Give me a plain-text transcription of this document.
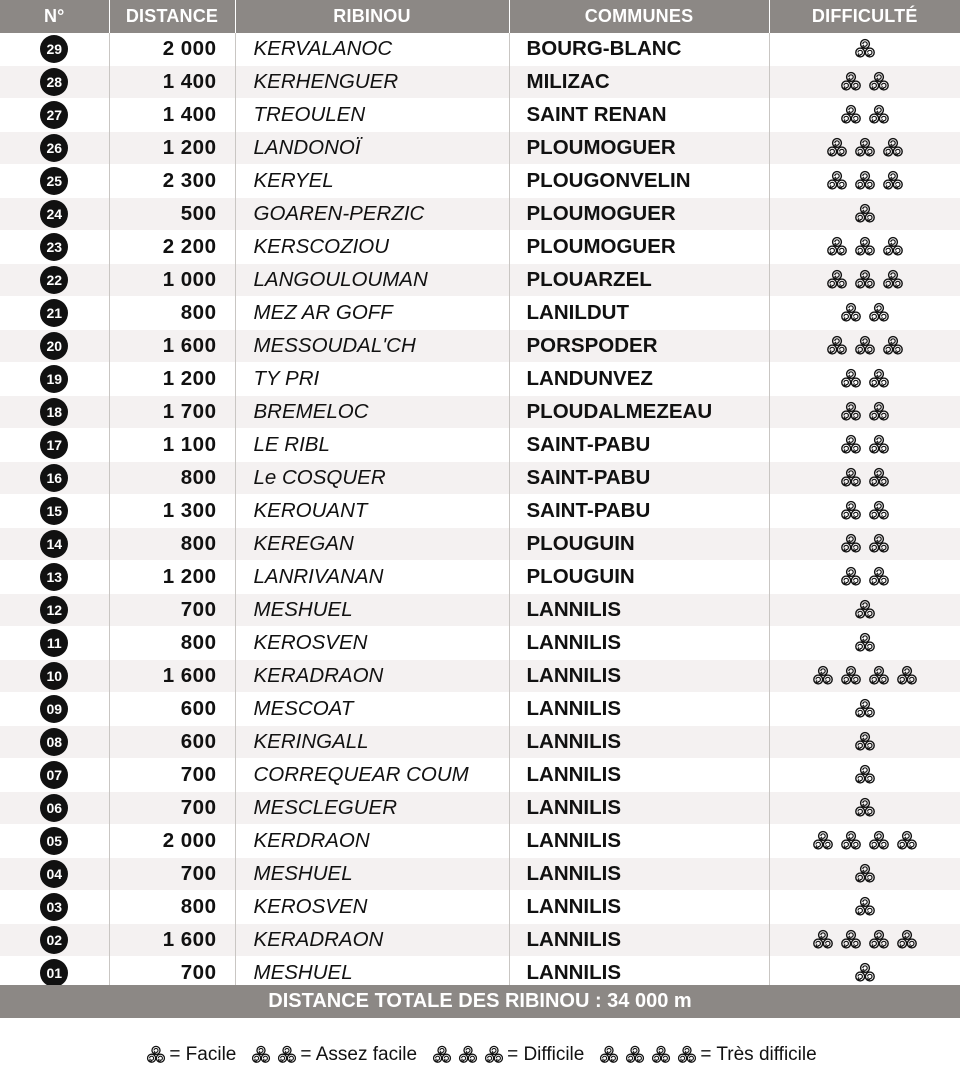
N°	DISTANCE	RIBINOU	COMMUNES	DIFFICULTÉ
29	2 000	KERVALANOC	BOURG-BLANC	
28	1 400	KERHENGUER	MILIZAC	
27	1 400	TREOULEN	SAINT RENAN	
26	1 200	LANDONOÏ	PLOUMOGUER	
25	2 300	KERYEL	PLOUGONVELIN	
24	500	GOAREN-PERZIC	PLOUMOGUER	
23	2 200	KERSCOZIOU	PLOUMOGUER	
22	1 000	LANGOULOUMAN	PLOUARZEL	
21	800	MEZ AR GOFF	LANILDUT	
20	1 600	MESSOUDAL'CH	PORSPODER	
19	1 200	TY PRI	LANDUNVEZ	
18	1 700	BREMELOC	PLOUDALMEZEAU	
17	1 100	LE RIBL	SAINT-PABU	
16	800	Le COSQUER	SAINT-PABU	
15	1 300	KEROUANT	SAINT-PABU	
14	800	KEREGAN	PLOUGUIN	
13	1 200	LANRIVANAN	PLOUGUIN	
12	700	MESHUEL	LANNILIS	
11	800	KEROSVEN	LANNILIS	
10	1 600	KERADRAON	LANNILIS	
09	600	MESCOAT	LANNILIS	
08	600	KERINGALL	LANNILIS	
07	700	CORREQUEAR COUM	LANNILIS	
06	700	MESCLEGUER	LANNILIS	
05	2 000	KERDRAON	LANNILIS	
04	700	MESHUEL	LANNILIS	
03	800	KEROSVEN	LANNILIS	
02	1 600	KERADRAON	LANNILIS	
01	700	MESHUEL	LANNILIS	
DISTANCE TOTALE DES RIBINOU : 34 000 m
= Facile	= Assez facile	= Difficile	= Très difficile
